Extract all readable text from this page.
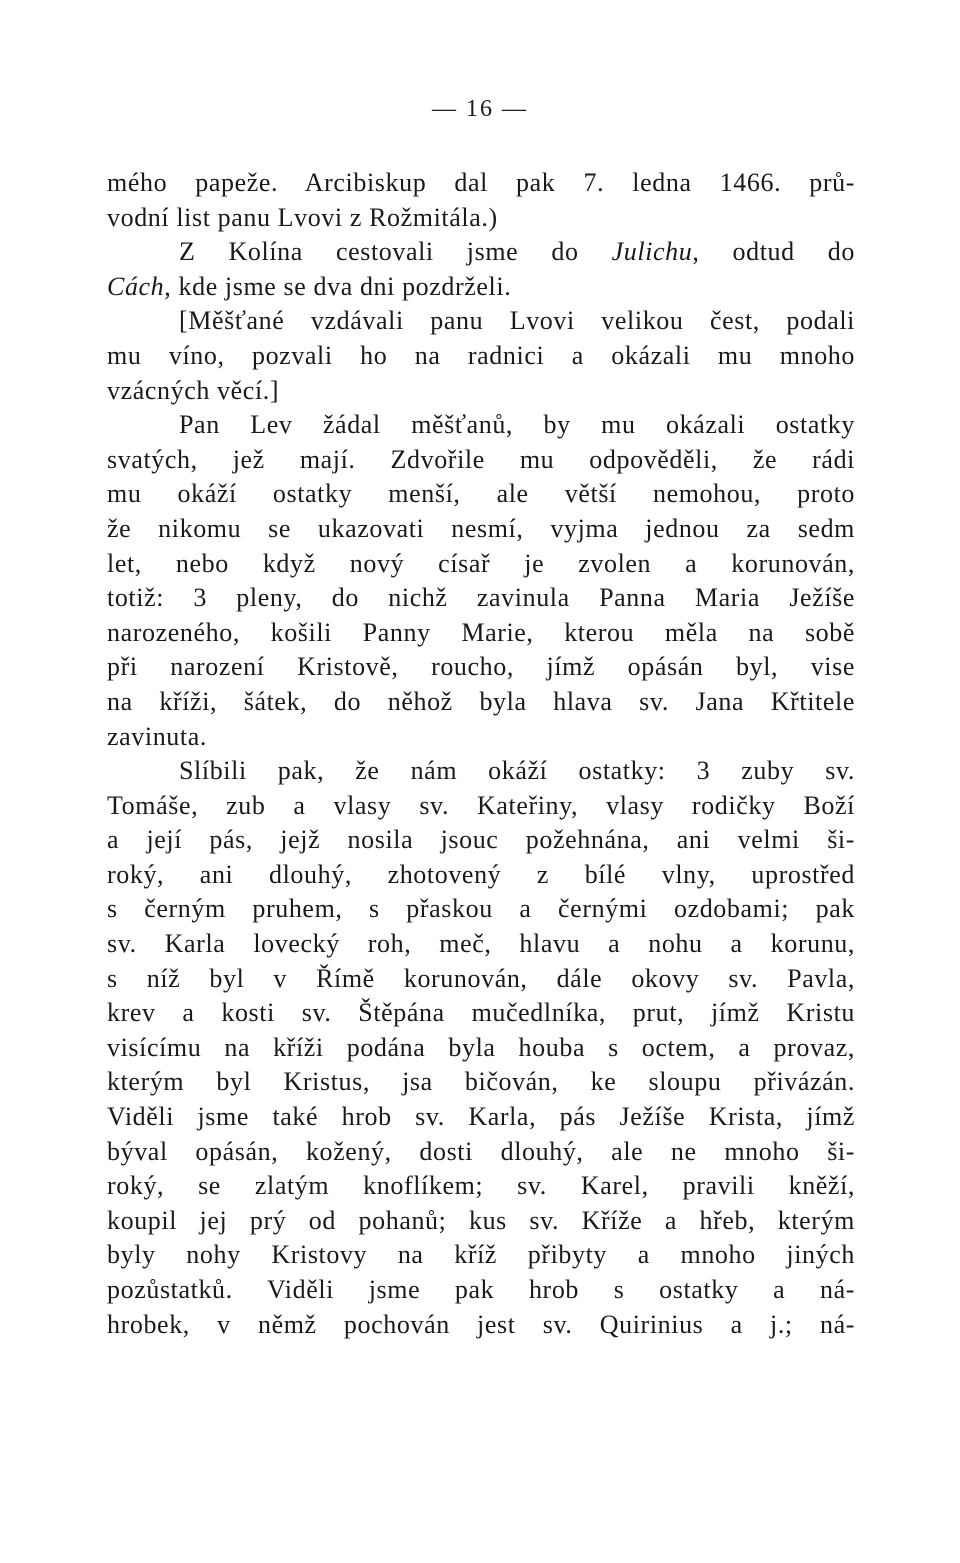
— 16 —
mého papeže. Arcibiskup dal pak 7. ledna 1466. prů-
vodní list panu Lvovi z Rožmitála.)
Z Kolína cestovali jsme do Julichu, odtud do
Cách, kde jsme se dva dni pozdrželi.
[Měšťané vzdávali panu Lvovi velikou čest, podali
mu víno, pozvali ho na radnici a okázali mu mnoho
vzácných věcí.]
Pan Lev žádal měšťanů, by mu okázali ostatky
svatých, jež mají. Zdvořile mu odpověděli, že rádi
mu okáží ostatky menší, ale větší nemohou, proto
že nikomu se ukazovati nesmí, vyjma jednou za sedm
let, nebo když nový císař je zvolen a korunován,
totiž: 3 pleny, do nichž zavinula Panna Maria Ježíše
narozeného, košili Panny Marie, kterou měla na sobě
při narození Kristově, roucho, jímž opásán byl, vise
na kříži, šátek, do něhož byla hlava sv. Jana Křtitele
zavinuta.
Slíbili pak, že nám okáží ostatky: 3 zuby sv.
Tomáše, zub a vlasy sv. Kateřiny, vlasy rodičky Boží
a její pás, jejž nosila jsouc požehnána, ani velmi ši-
roký, ani dlouhý, zhotovený z bílé vlny, uprostřed
s černým pruhem, s přaskou a černými ozdobami; pak
sv. Karla lovecký roh, meč, hlavu a nohu a korunu,
s níž byl v Římě korunován, dále okovy sv. Pavla,
krev a kosti sv. Štěpána mučedlníka, prut, jímž Kristu
visícímu na kříži podána byla houba s octem, a provaz,
kterým byl Kristus, jsa bičován, ke sloupu přivázán.
Viděli jsme také hrob sv. Karla, pás Ježíše Krista, jímž
býval opásán, kožený, dosti dlouhý, ale ne mnoho ši-
roký, se zlatým knoflíkem; sv. Karel, pravili kněží,
koupil jej prý od pohanů; kus sv. Kříže a hřeb, kterým
byly nohy Kristovy na kříž přibyty a mnoho jiných
pozůstatků. Viděli jsme pak hrob s ostatky a ná-
hrobek, v němž pochován jest sv. Quirinius a j.; ná-
